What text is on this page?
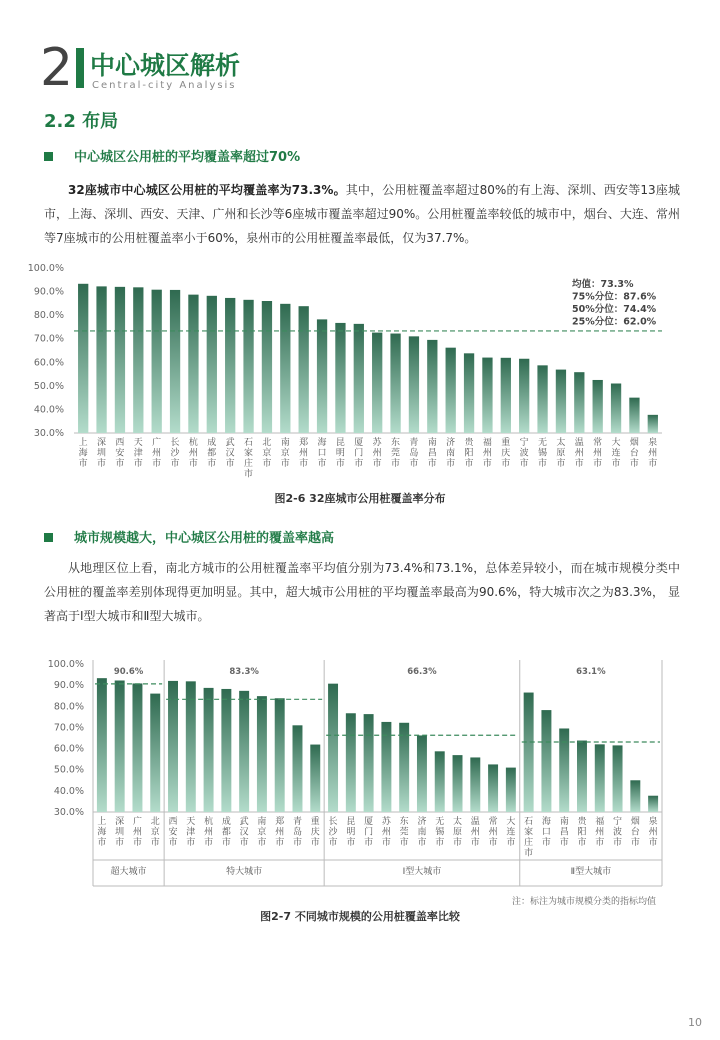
2 中心城区解析
Central-city Analysis
2.2 布局
中心城区公用桩的平均覆盖率超过70%
32座城市中心城区公用桩的平均覆盖率为73.3%。其中，公用桩覆盖率超过80%的有上海、深圳、西安等13座城市，上海、深圳、西安、天津、广州和长沙等6座城市覆盖率超过90%。公用桩覆盖率较低的城市中，烟台、大连、常州等7座城市的公用桩覆盖率小于60%，泉州市的公用桩覆盖率最低，仅为37.7%。
30.0%
40.0%
50.0%
60.0%
70.0%
80.0%
90.0%
100.0%
上
海
市
深
圳
市
西
安
市
天
津
市
广
州
市
长
沙
市
杭
州
市
成
都
市
武
汉
市
石
家
庄
市
北
京
市
南
京
市
郑
州
市
海
口
市
昆
明
市
厦
门
市
苏
州
市
东
莞
市
青
岛
市
南
昌
市
济
南
市
贵
阳
市
福
州
市
重
庆
市
宁
波
市
无
锡
市
太
原
市
温
州
市
常
州
市
大
连
市
烟
台
市
泉
州
市
均值：73.3%
75%分位：87.6%
50%分位：74.4%
25%分位：62.0%
图2-6 32座城市公用桩覆盖率分布
城市规模越大，中心城区公用桩的覆盖率越高
从地理区位上看，南北方城市的公用桩覆盖率平均值分别为73.4%和73.1%，总体差异较小，而在城市规模分类中公用桩的覆盖率差别体现得更加明显。其中，超大城市公用桩的平均覆盖率最高为90.6%，特大城市次之为83.3%， 显著高于Ⅰ型大城市和Ⅱ型大城市。
30.0%
40.0%
50.0%
60.0%
70.0%
80.0%
90.0%
100.0%
上
海
市
深
圳
市
广
州
市
北
京
市
90.6%
超大城市
西
安
市
天
津
市
杭
州
市
成
都
市
武
汉
市
南
京
市
郑
州
市
青
岛
市
重
庆
市
83.3%
特大城市
长
沙
市
昆
明
市
厦
门
市
苏
州
市
东
莞
市
济
南
市
无
锡
市
太
原
市
温
州
市
常
州
市
大
连
市
66.3%
Ⅰ型大城市
石
家
庄
市
海
口
市
南
昌
市
贵
阳
市
福
州
市
宁
波
市
烟
台
市
泉
州
市
63.1%
Ⅱ型大城市
注：标注为城市规模分类的指标均值
图2-7 不同城市规模的公用桩覆盖率比较
10
